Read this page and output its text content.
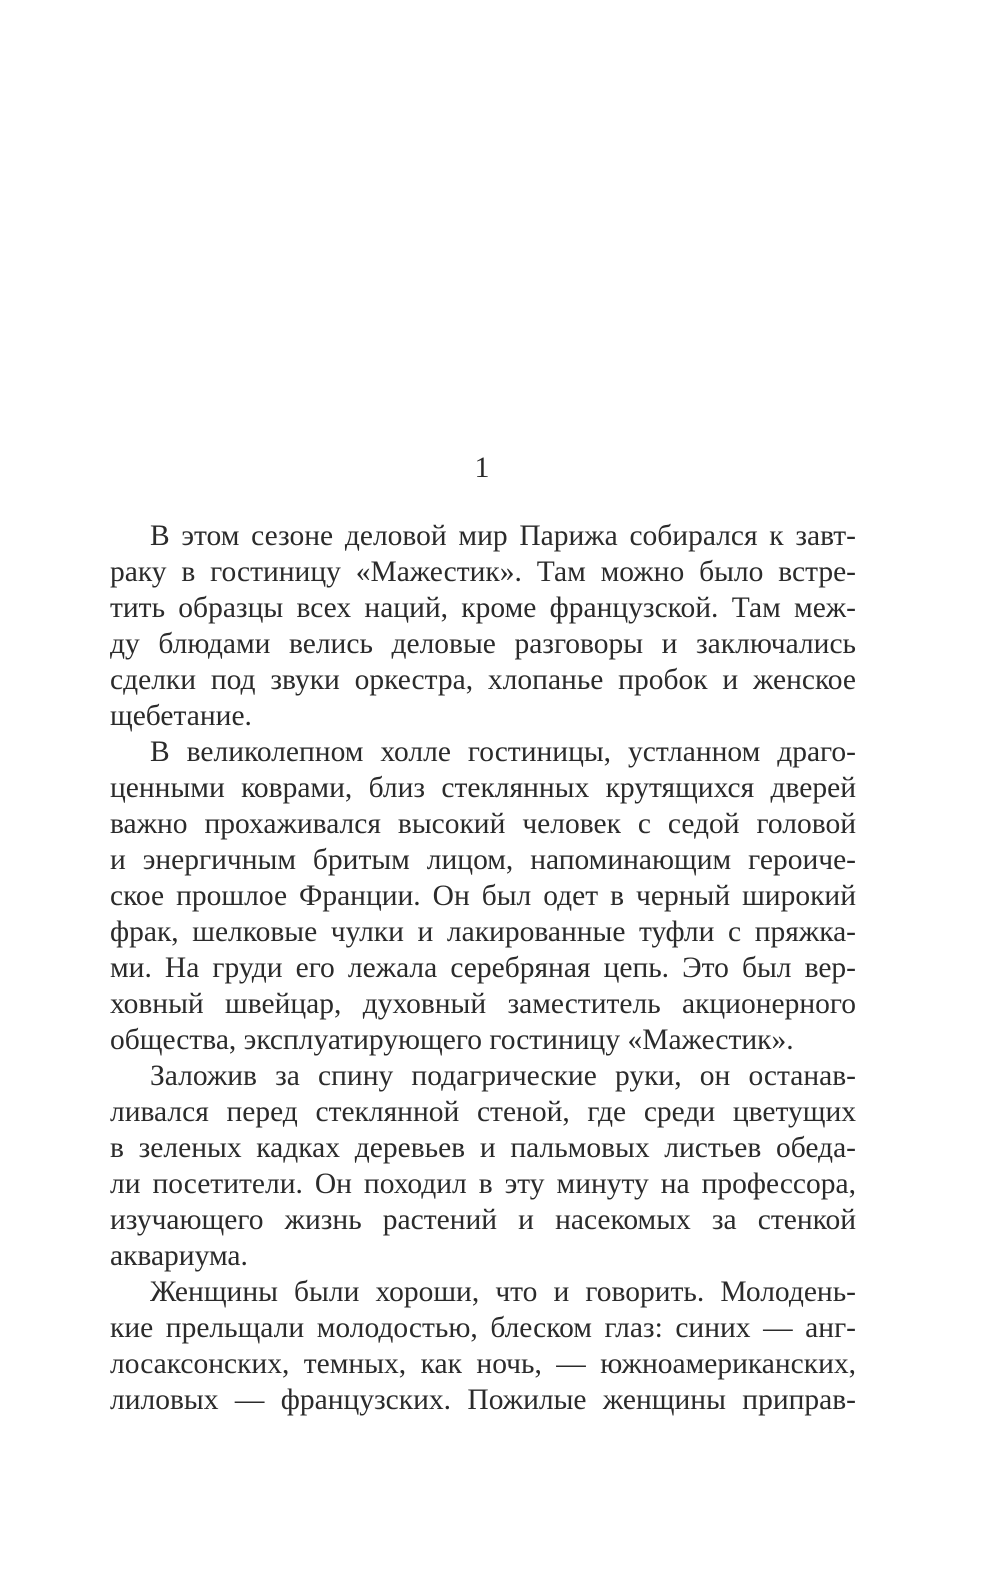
1
В этом сезоне деловой мир Парижа собирался к завт-
раку в гостиницу «Мажестик». Там можно было встре-
тить образцы всех наций, кроме французской. Там меж-
ду блюдами велись деловые разговоры и заключались
сделки под звуки оркестра, хлопанье пробок и женское
щебетание.
В великолепном холле гостиницы, устланном драго-
ценными коврами, близ стеклянных крутящихся дверей
важно прохаживался высокий человек с седой головой
и энергичным бритым лицом, напоминающим героиче-
ское прошлое Франции. Он был одет в черный широкий
фрак, шелковые чулки и лакированные туфли с пряжка-
ми. На груди его лежала серебряная цепь. Это был вер-
ховный швейцар, духовный заместитель акционерного
общества, эксплуатирующего гостиницу «Мажестик».
Заложив за спину подагрические руки, он останав-
ливался перед стеклянной стеной, где среди цветущих
в зеленых кадках деревьев и пальмовых листьев обеда-
ли посетители. Он походил в эту минуту на профессора,
изучающего жизнь растений и насекомых за стенкой
аквариума.
Женщины были хороши, что и говорить. Молодень-
кие прельщали молодостью, блеском глаз: синих — анг-
лосаксонских, темных, как ночь, — южноамериканских,
лиловых — французских. Пожилые женщины приправ-
